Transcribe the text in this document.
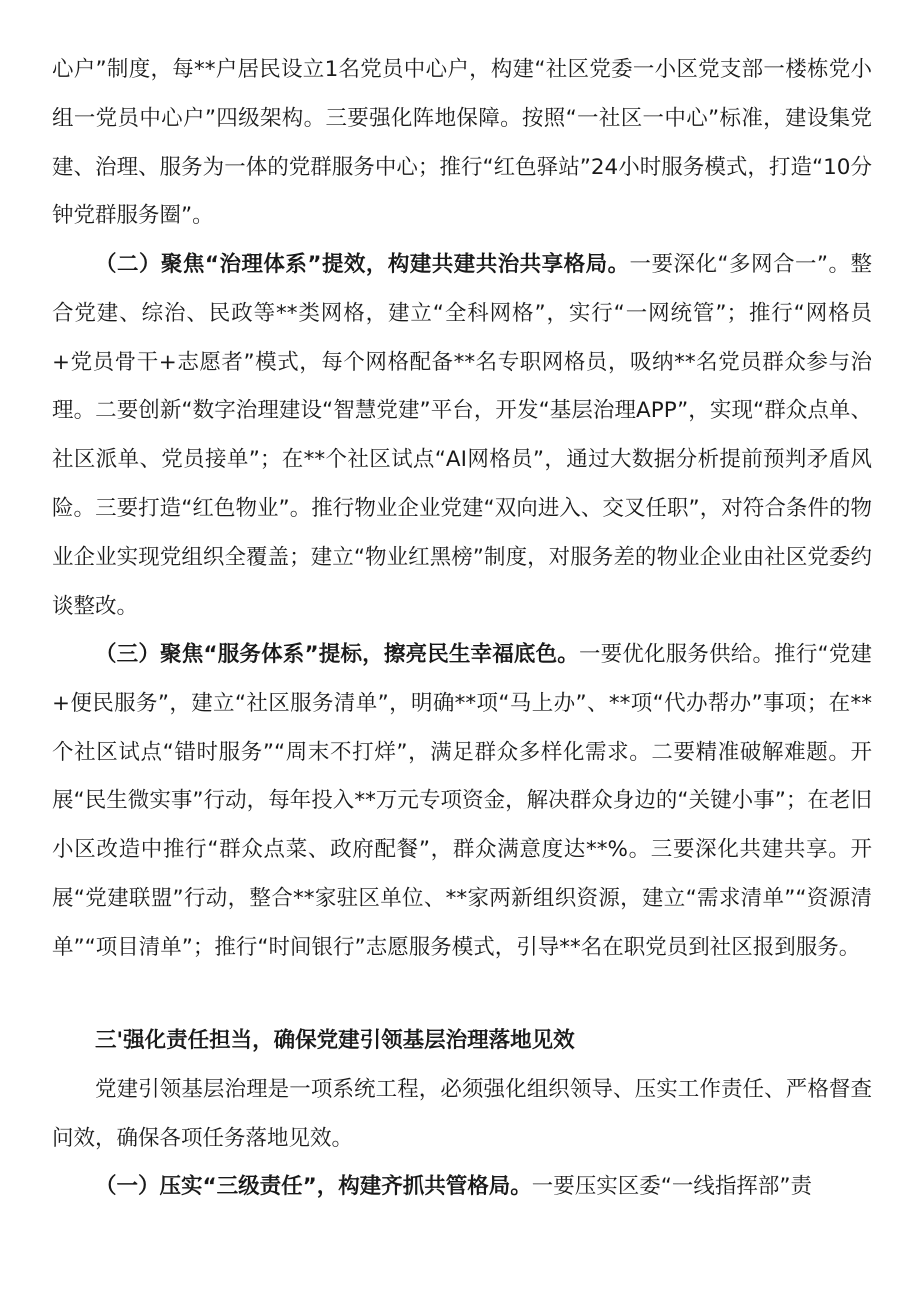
心户”制度，每**户居民设立1名党员中心户，构建“社区党委一小区党支部一楼栋党小组一党员中心户”四级架构。三要强化阵地保障。按照“一社区一中心”标准，建设集党建、治理、服务为一体的党群服务中心；推行“红色驿站”24小时服务模式，打造“10分钟党群服务圈”。

（二）聚焦“治理体系”提效，构建共建共治共享格局。一要深化“多网合一”。整合党建、综治、民政等**类网格，建立“全科网格”，实行“一网统管”；推行“网格员+党员骨干+志愿者”模式，每个网格配备**名专职网格员，吸纳**名党员群众参与治理。二要创新“数字治理建设“智慧党建”平台，开发“基层治理APP”，实现“群众点单、社区派单、党员接单”；在**个社区试点“AI网格员”，通过大数据分析提前预判矛盾风险。三要打造“红色物业”。推行物业企业党建“双向进入、交叉任职”，对符合条件的物业企业实现党组织全覆盖；建立“物业红黑榜”制度，对服务差的物业企业由社区党委约谈整改。

（三）聚焦“服务体系”提标，擦亮民生幸福底色。一要优化服务供给。推行“党建+便民服务”，建立“社区服务清单”，明确**项“马上办”、**项“代办帮办”事项；在**个社区试点“错时服务”“周末不打烊”，满足群众多样化需求。二要精准破解难题。开展“民生微实事”行动，每年投入**万元专项资金，解决群众身边的“关键小事”；在老旧小区改造中推行“群众点菜、政府配餐”，群众满意度达**%。三要深化共建共享。开展“党建联盟”行动，整合**家驻区单位、**家两新组织资源，建立“需求清单”“资源清单”“项目清单”；推行“时间银行”志愿服务模式，引导**名在职党员到社区报到服务。

三'强化责任担当，确保党建引领基层治理落地见效

党建引领基层治理是一项系统工程，必须强化组织领导、压实工作责任、严格督查问效，确保各项任务落地见效。

（一）压实“三级责任”，构建齐抓共管格局。一要压实区委“一线指挥部”责
